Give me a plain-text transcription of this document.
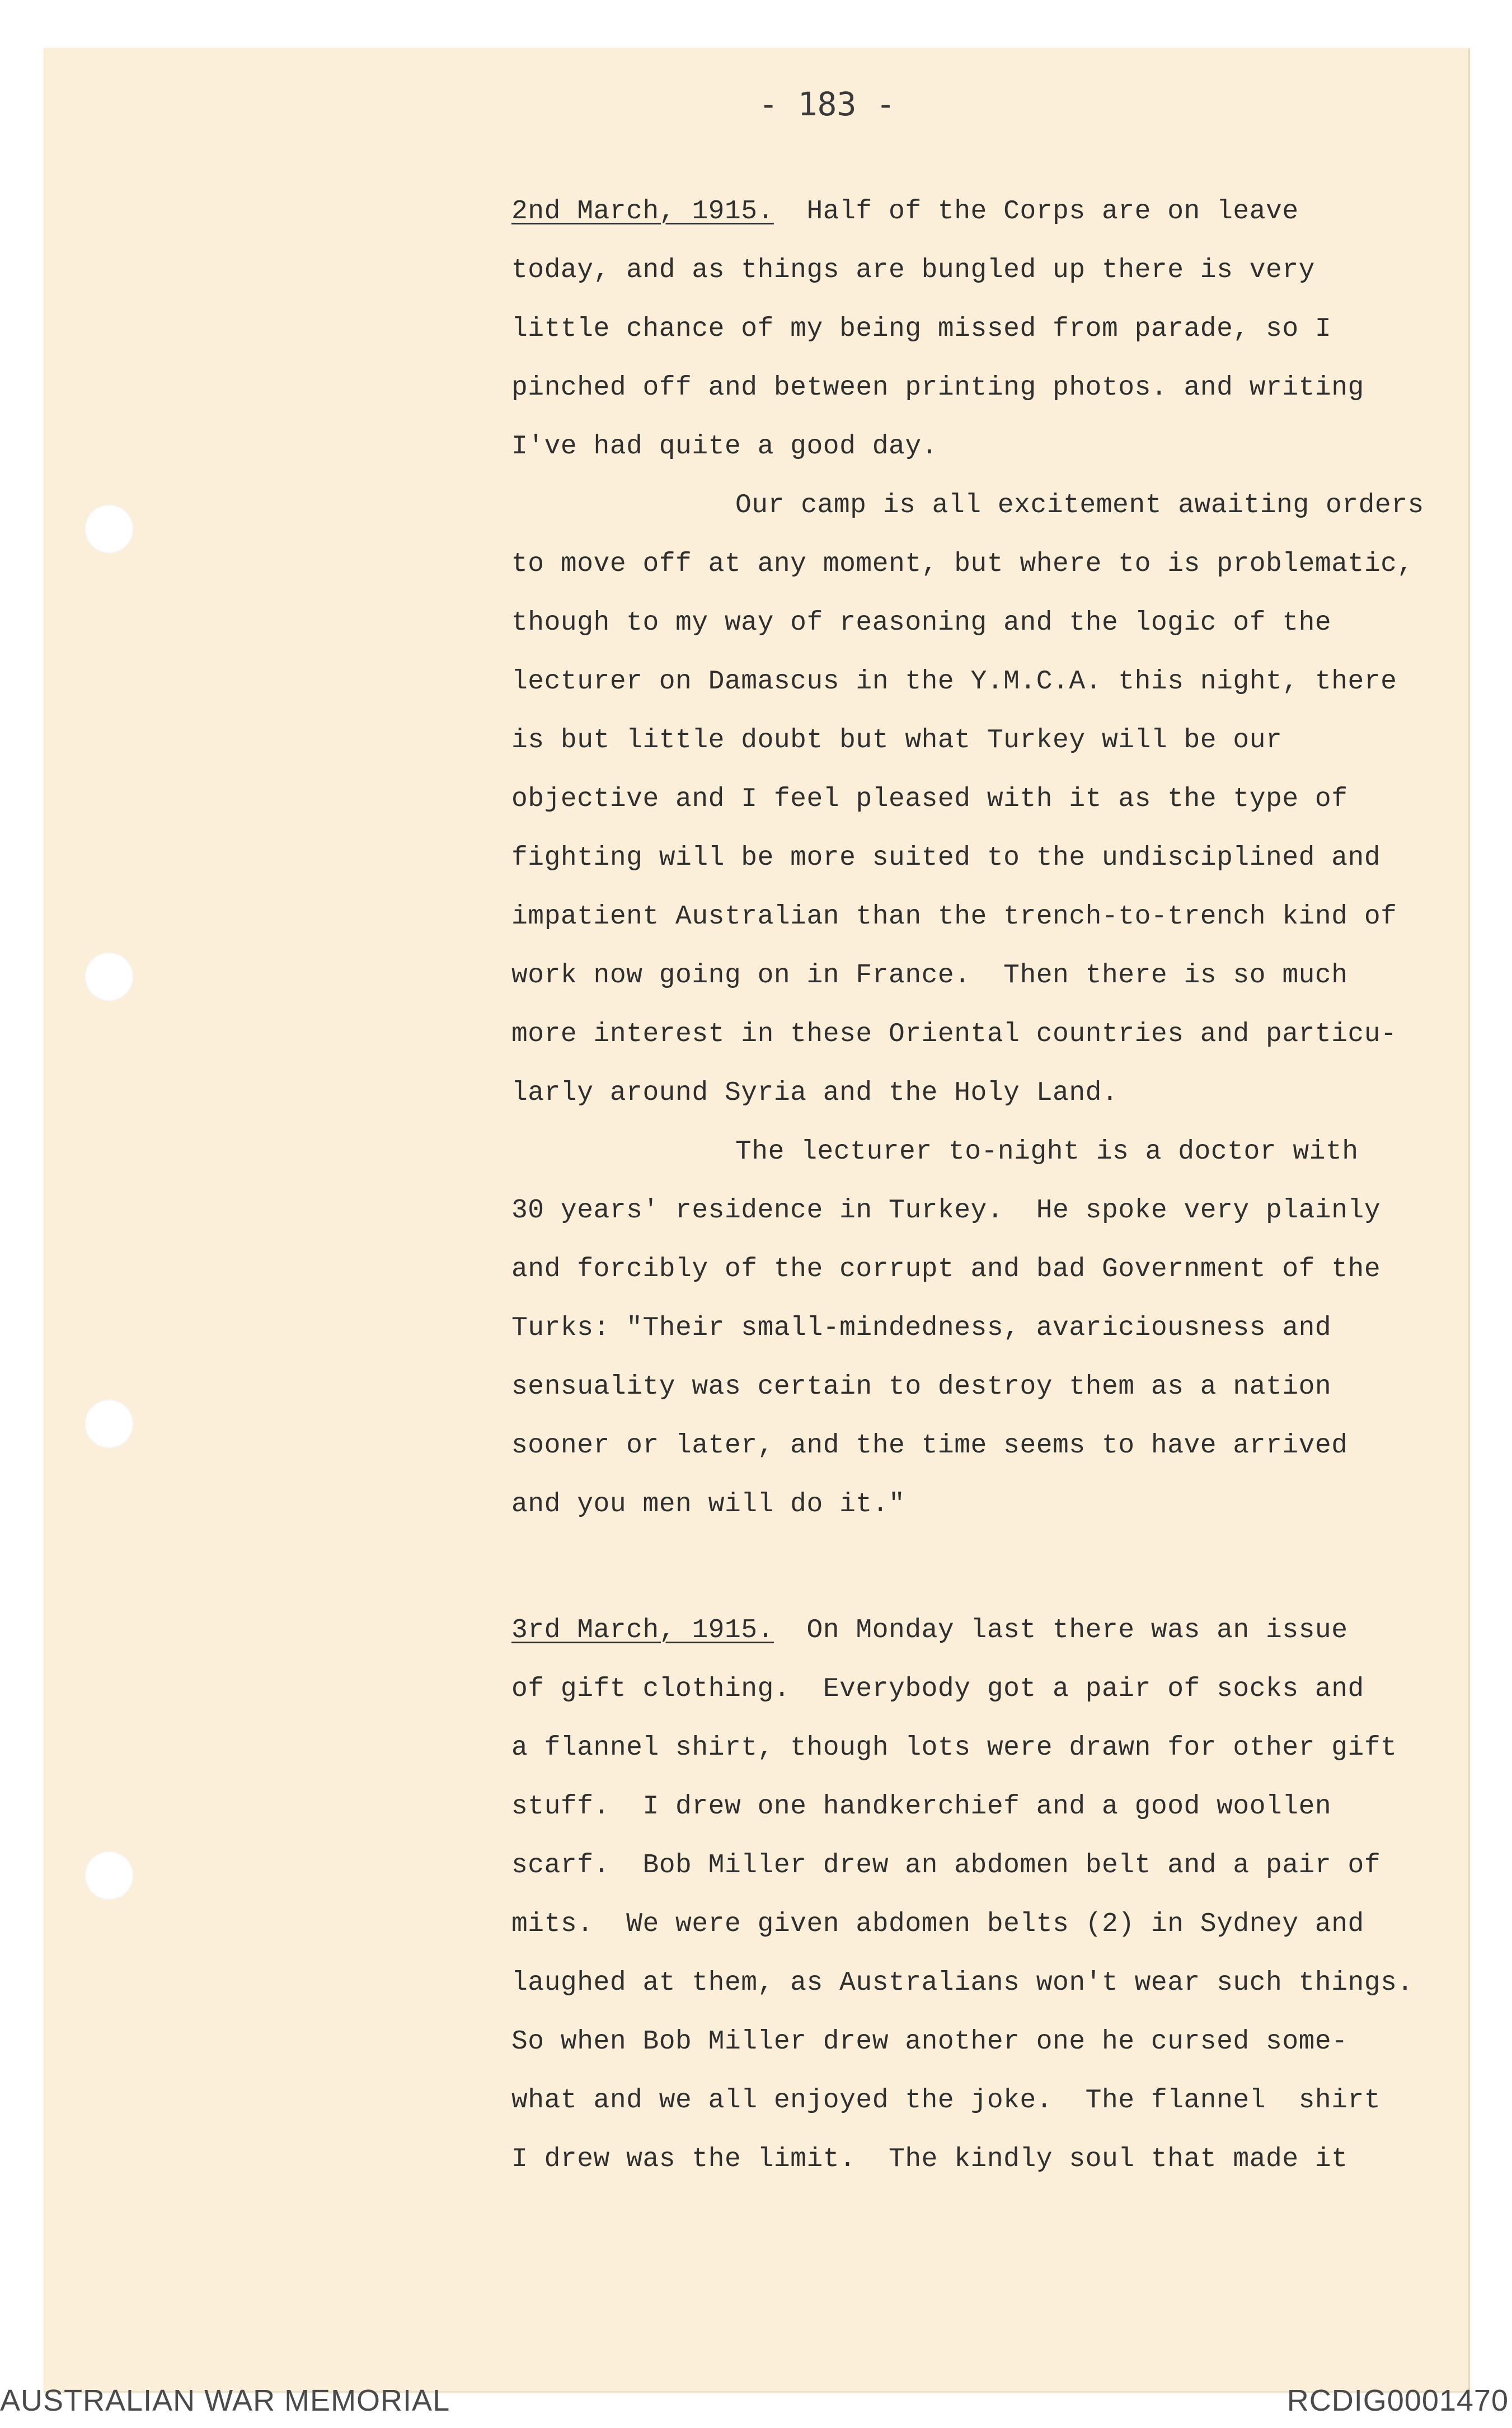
- 183 -

2nd March, 1915. Half of the Corps are on leave

today, and as things are bungled up there is very

little chance of my being missed from parade, so I

pinched off and between printing photos. and writing

I've had quite a good day.

Our camp is all excitement awaiting orders

to move off at any moment, but where to is problematic,

though to my way of reasoning and the logic of the

lecturer on Damascus in the Y.M.C.A. this night, there

is but little doubt but what Turkey will be our

objective and I feel pleased with it as the type of

fighting will be more suited to the undisciplined and

impatient Australian than the trench-to-trench kind of

work now going on in France.  Then there is so much

more interest in these Oriental countries and particu-

larly around Syria and the Holy Land.

The lecturer to-night is a doctor with

30 years' residence in Turkey.  He spoke very plainly

and forcibly of the corrupt and bad Government of the

Turks: "Their small-mindedness, avariciousness and

sensuality was certain to destroy them as a nation

sooner or later, and the time seems to have arrived

and you men will do it."

3rd March, 1915. On Monday last there was an issue

of gift clothing.  Everybody got a pair of socks and

a flannel shirt, though lots were drawn for other gift

stuff.  I drew one handkerchief and a good woollen

scarf.  Bob Miller drew an abdomen belt and a pair of

mits.  We were given abdomen belts (2) in Sydney and

laughed at them, as Australians won't wear such things.

So when Bob Miller drew another one he cursed some-

what and we all enjoyed the joke.  The flannel  shirt

I drew was the limit.  The kindly soul that made it

AUSTRALIAN WAR MEMORIAL	RCDIG0001470
